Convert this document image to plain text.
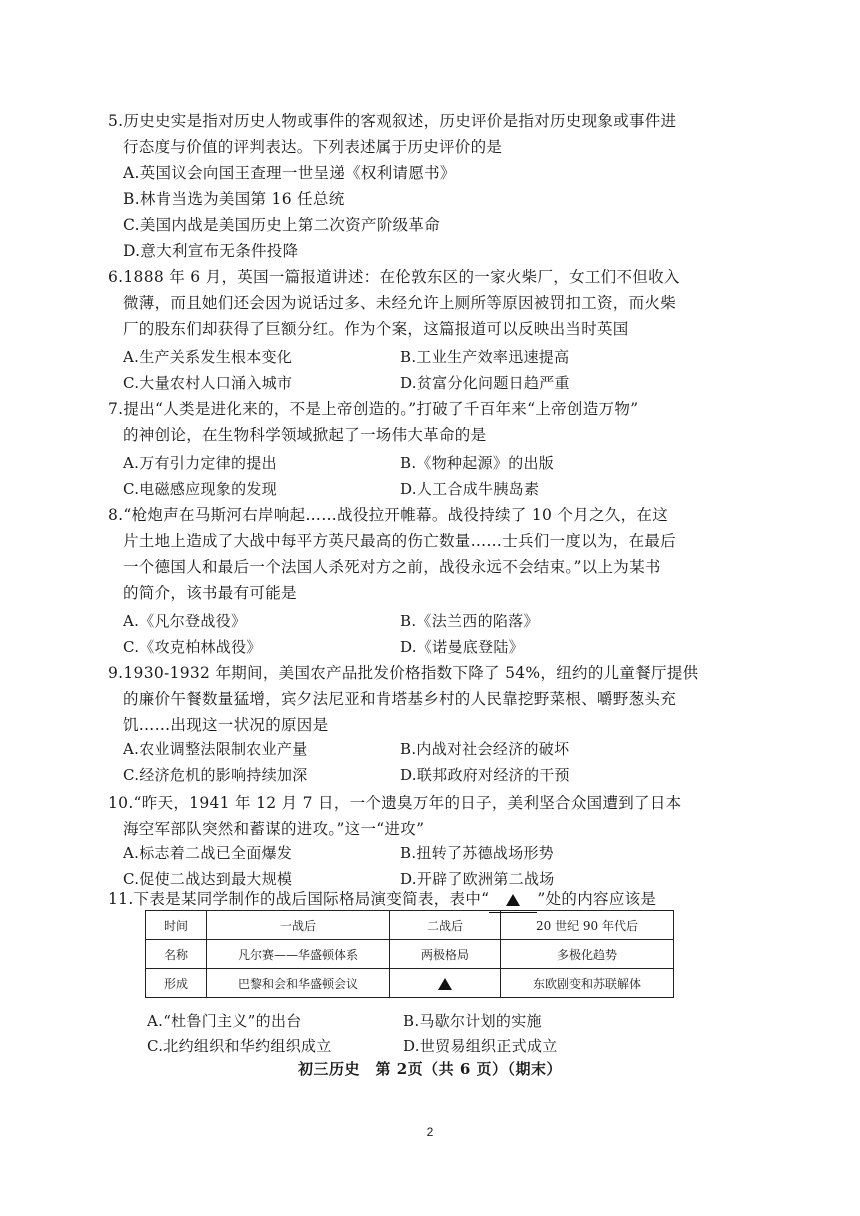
5.历史史实是指对历史人物或事件的客观叙述，历史评价是指对历史现象或事件进
行态度与价值的评判表达。下列表述属于历史评价的是
A.英国议会向国王查理一世呈递《权利请愿书》
B.林肯当选为美国第 16 任总统
C.美国内战是美国历史上第二次资产阶级革命
D.意大利宣布无条件投降
6.1888 年 6 月，英国一篇报道讲述：在伦敦东区的一家火柴厂，女工们不但收入
微薄，而且她们还会因为说话过多、未经允许上厕所等原因被罚扣工资，而火柴
厂的股东们却获得了巨额分红。作为个案，这篇报道可以反映出当时英国
A.生产关系发生根本变化	B.工业生产效率迅速提高
C.大量农村人口涌入城市	D.贫富分化问题日趋严重
7.提出“人类是进化来的，不是上帝创造的。”打破了千百年来“上帝创造万物”
的神创论，在生物科学领域掀起了一场伟大革命的是
A.万有引力定律的提出	B.《物种起源》的出版
C.电磁感应现象的发现	D.人工合成牛胰岛素
8.“枪炮声在马斯河右岸响起……战役拉开帷幕。战役持续了 10 个月之久，在这
片土地上造成了大战中每平方英尺最高的伤亡数量……士兵们一度以为，在最后
一个德国人和最后一个法国人杀死对方之前，战役永远不会结束。”以上为某书
的简介，该书最有可能是
A.《凡尔登战役》	B.《法兰西的陷落》
C.《攻克柏林战役》	D.《诺曼底登陆》
9.1930-1932 年期间，美国农产品批发价格指数下降了 54%，纽约的儿童餐厅提供
的廉价午餐数量猛增，宾夕法尼亚和肯塔基乡村的人民靠挖野菜根、嚼野葱头充
饥……出现这一状况的原因是
A.农业调整法限制农业产量	B.内战对社会经济的破坏
C.经济危机的影响持续加深	D.联邦政府对经济的干预
10.“昨天，1941 年 12 月 7 日，一个遗臭万年的日子，美利坚合众国遭到了日本
海空军部队突然和蓄谋的进攻。”这一“进攻”
A.标志着二战已全面爆发	B.扭转了苏德战场形势
C.促使二战达到最大规模	D.开辟了欧洲第二战场
11.下表是某同学制作的战后国际格局演变简表，表中“	”处的内容应该是
时间	一战后	二战后	20 世纪 90 年代后
名称	凡尔赛——华盛顿体系	两极格局	多极化趋势
形成	巴黎和会和华盛顿会议		东欧剧变和苏联解体
A.“杜鲁门主义”的出台	B.马歇尔计划的实施
C.北约组织和华约组织成立	D.世贸易组织正式成立
初三历史　第 2页（共 6 页）（期末）
2
